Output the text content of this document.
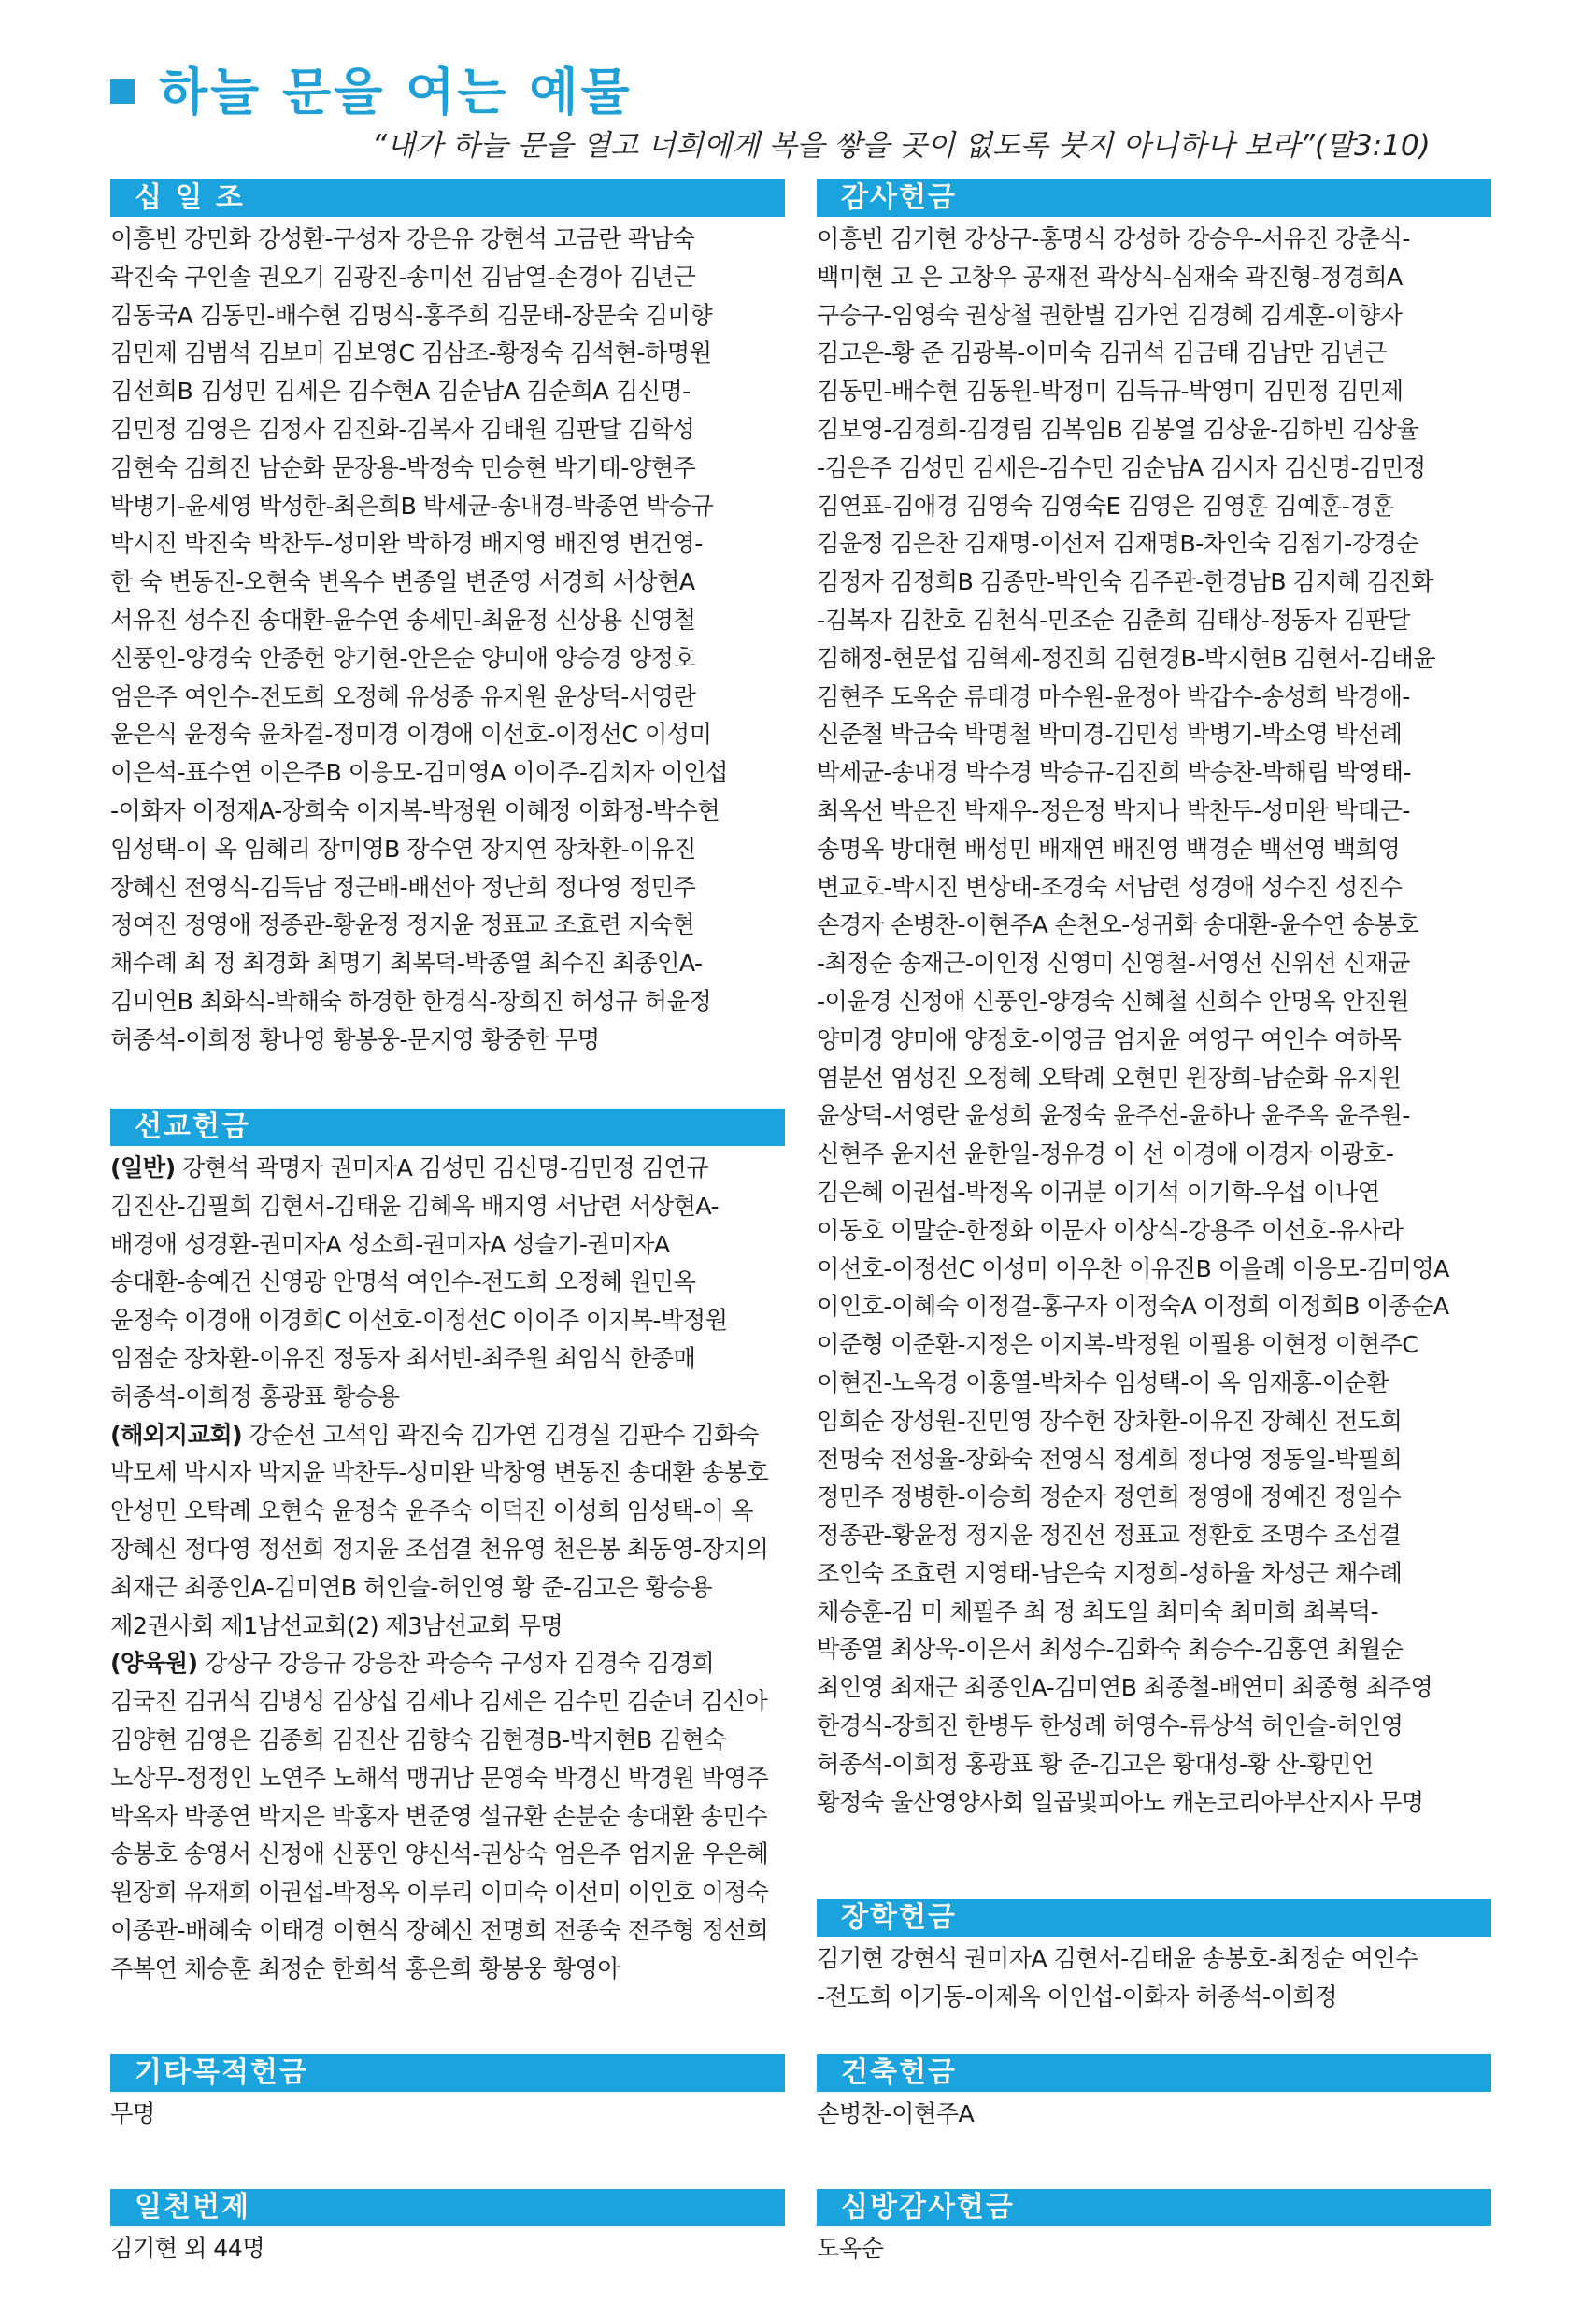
하늘 문을 여는 예물
“내가 하늘 문을 열고 너희에게 복을 쌓을 곳이 없도록 붓지 아니하나 보라”(말3:10)
십 일 조
이흥빈 강민화 강성환-구성자 강은유 강현석 고금란 곽남숙
곽진숙 구인솔 권오기 김광진-송미선 김남열-손경아 김년근
김동국A 김동민-배수현 김명식-홍주희 김문태-장문숙 김미향
김민제 김범석 김보미 김보영C 김삼조-황정숙 김석현-하명원
김선희B 김성민 김세은 김수현A 김순남A 김순희A 김신명-
김민정 김영은 김정자 김진화-김복자 김태원 김판달 김학성
김현숙 김희진 남순화 문장용-박정숙 민승현 박기태-양현주
박병기-윤세영 박성한-최은희B 박세균-송내경-박종연 박승규
박시진 박진숙 박찬두-성미완 박하경 배지영 배진영 변건영-
한 숙 변동진-오현숙 변옥수 변종일 변준영 서경희 서상현A
서유진 성수진 송대환-윤수연 송세민-최윤정 신상용 신영철
신풍인-양경숙 안종헌 양기현-안은순 양미애 양승경 양정호
엄은주 여인수-전도희 오정혜 유성종 유지원 윤상덕-서영란
윤은식 윤정숙 윤차걸-정미경 이경애 이선호-이정선C 이성미
이은석-표수연 이은주B 이응모-김미영A 이이주-김치자 이인섭
-이화자 이정재A-장희숙 이지복-박정원 이혜정 이화정-박수현
임성택-이 옥 임혜리 장미영B 장수연 장지연 장차환-이유진
장혜신 전영식-김득남 정근배-배선아 정난희 정다영 정민주
정여진 정영애 정종관-황윤정 정지윤 정표교 조효련 지숙현
채수례 최 정 최경화 최명기 최복덕-박종열 최수진 최종인A-
김미연B 최화식-박해숙 하경한 한경식-장희진 허성규 허윤정
허종석-이희정 황나영 황봉웅-문지영 황중한 무명
선교헌금
(일반) 강현석 곽명자 권미자A 김성민 김신명-김민정 김연규
김진산-김필희 김현서-김태윤 김혜옥 배지영 서남련 서상현A-
배경애 성경환-권미자A 성소희-권미자A 성슬기-권미자A
송대환-송예건 신영광 안명석 여인수-전도희 오정혜 원민옥
윤정숙 이경애 이경희C 이선호-이정선C 이이주 이지복-박정원
임점순 장차환-이유진 정동자 최서빈-최주원 최임식 한종매
허종석-이희정 홍광표 황승용
(해외지교회) 강순선 고석임 곽진숙 김가연 김경실 김판수 김화숙
박모세 박시자 박지윤 박찬두-성미완 박창영 변동진 송대환 송봉호
안성민 오탁례 오현숙 윤정숙 윤주숙 이덕진 이성희 임성택-이 옥
장혜신 정다영 정선희 정지윤 조섬결 천유영 천은봉 최동영-장지의
최재근 최종인A-김미연B 허인슬-허인영 황 준-김고은 황승용
제2권사회 제1남선교회(2) 제3남선교회 무명
(양육원) 강상구 강응규 강응찬 곽승숙 구성자 김경숙 김경희
김국진 김귀석 김병성 김상섭 김세나 김세은 김수민 김순녀 김신아
김양현 김영은 김종희 김진산 김향숙 김현경B-박지현B 김현숙
노상무-정정인 노연주 노해석 맹귀남 문영숙 박경신 박경원 박영주
박옥자 박종연 박지은 박홍자 변준영 설규환 손분순 송대환 송민수
송봉호 송영서 신정애 신풍인 양신석-권상숙 엄은주 엄지윤 우은혜
원장희 유재희 이권섭-박정옥 이루리 이미숙 이선미 이인호 이정숙
이종관-배혜숙 이태경 이현식 장혜신 전명희 전종숙 전주형 정선희
주복연 채승훈 최정순 한희석 홍은희 황봉웅 황영아
기타목적헌금
무명
일천번제
김기현 외 44명
감사헌금
이흥빈 김기현 강상구-홍명식 강성하 강승우-서유진 강춘식-
백미현 고 은 고창우 공재전 곽상식-심재숙 곽진형-정경희A
구승구-임영숙 권상철 권한별 김가연 김경혜 김계훈-이향자
김고은-황 준 김광복-이미숙 김귀석 김금태 김남만 김년근
김동민-배수현 김동원-박정미 김득규-박영미 김민정 김민제
김보영-김경희-김경림 김복임B 김봉열 김상윤-김하빈 김상율
-김은주 김성민 김세은-김수민 김순남A 김시자 김신명-김민정
김연표-김애경 김영숙 김영숙E 김영은 김영훈 김예훈-경훈
김윤정 김은찬 김재명-이선저 김재명B-차인숙 김점기-강경순
김정자 김정희B 김종만-박인숙 김주관-한경남B 김지혜 김진화
-김복자 김찬호 김천식-민조순 김춘희 김태상-정동자 김판달
김해정-현문섭 김혁제-정진희 김현경B-박지현B 김현서-김태윤
김현주 도옥순 류태경 마수원-윤정아 박갑수-송성희 박경애-
신준철 박금숙 박명철 박미경-김민성 박병기-박소영 박선례
박세균-송내경 박수경 박승규-김진희 박승찬-박해림 박영태-
최옥선 박은진 박재우-정은정 박지나 박찬두-성미완 박태근-
송명옥 방대현 배성민 배재연 배진영 백경순 백선영 백희영
변교호-박시진 변상태-조경숙 서남련 성경애 성수진 성진수
손경자 손병찬-이현주A 손천오-성귀화 송대환-윤수연 송봉호
-최정순 송재근-이인정 신영미 신영철-서영선 신위선 신재균
-이윤경 신정애 신풍인-양경숙 신혜철 신희수 안명옥 안진원
양미경 양미애 양정호-이영금 엄지윤 여영구 여인수 여하목
염분선 염성진 오정혜 오탁례 오현민 원장희-남순화 유지원
윤상덕-서영란 윤성희 윤정숙 윤주선-윤하나 윤주옥 윤주원-
신현주 윤지선 윤한일-정유경 이 선 이경애 이경자 이광호-
김은혜 이권섭-박정옥 이귀분 이기석 이기학-우섭 이나연
이동호 이말순-한정화 이문자 이상식-강용주 이선호-유사라
이선호-이정선C 이성미 이우찬 이유진B 이을례 이응모-김미영A
이인호-이혜숙 이정걸-홍구자 이정숙A 이정희 이정희B 이종순A
이준형 이준환-지정은 이지복-박정원 이필용 이현정 이현주C
이현진-노옥경 이홍열-박차수 임성택-이 옥 임재홍-이순환
임희순 장성원-진민영 장수헌 장차환-이유진 장혜신 전도희
전명숙 전성율-장화숙 전영식 정계희 정다영 정동일-박필희
정민주 정병한-이승희 정순자 정연희 정영애 정예진 정일수
정종관-황윤정 정지윤 정진선 정표교 정환호 조명수 조섬결
조인숙 조효련 지영태-남은숙 지정희-성하율 차성근 채수례
채승훈-김 미 채필주 최 정 최도일 최미숙 최미희 최복덕-
박종열 최상욱-이은서 최성수-김화숙 최승수-김홍연 최월순
최인영 최재근 최종인A-김미연B 최종철-배연미 최종형 최주영
한경식-장희진 한병두 한성례 허영수-류상석 허인슬-허인영
허종석-이희정 홍광표 황 준-김고은 황대성-황 산-황민언
황정숙 울산영양사회 일곱빛피아노 캐논코리아부산지사 무명
장학헌금
김기현 강현석 권미자A 김현서-김태윤 송봉호-최정순 여인수
-전도희 이기동-이제옥 이인섭-이화자 허종석-이희정
건축헌금
손병찬-이현주A
심방감사헌금
도옥순
